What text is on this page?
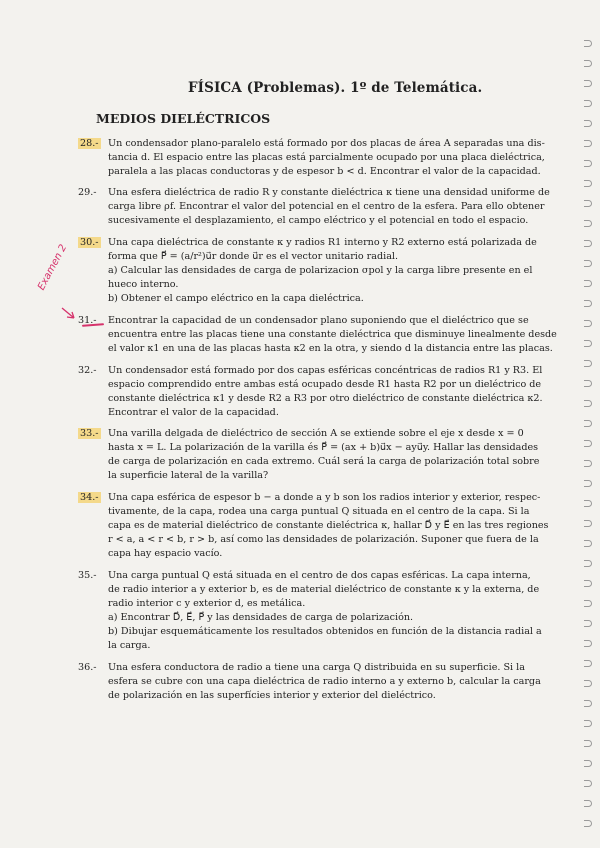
FÍSICA (Problemas). 1º de Telemática.
MEDIOS DIELÉCTRICOS
Examen 2
28.- Un condensador plano-paralelo está formado por dos placas de área A separadas una dis-
tancia d. El espacio entre las placas está parcialmente ocupado por una placa dieléctrica,
paralela a las placas conductoras y de espesor b < d. Encontrar el valor de la capacidad.
29.-	Una esfera dieléctrica de radio R y constante dieléctrica κ tiene una densidad uniforme de
carga libre ρf. Encontrar el valor del potencial en el centro de la esfera. Para ello obtener
sucesivamente el desplazamiento, el campo eléctrico y el potencial en todo el espacio.
30.- Una capa dieléctrica de constante κ y radios R1 interno y R2 externo está polarizada de
forma que P⃗ = (a/r²)u⃗r donde u⃗r es el vector unitario radial.
a) Calcular las densidades de carga de polarizacion σpol y la carga libre presente en el
hueco interno.
b) Obtener el campo eléctrico en la capa dieléctrica.
31.-	Encontrar la capacidad de un condensador plano suponiendo que el dieléctrico que se
encuentra entre las placas tiene una constante dieléctrica que disminuye linealmente desde
el valor κ1 en una de las placas hasta κ2 en la otra, y siendo d la distancia entre las placas.
32.-	Un condensador está formado por dos capas esféricas concéntricas de radios R1 y R3. El
espacio comprendido entre ambas está ocupado desde R1 hasta R2 por un dieléctrico de
constante dieléctrica κ1 y desde R2 a R3 por otro dieléctrico de constante dieléctrica κ2.
Encontrar el valor de la capacidad.
33.- Una varilla delgada de dieléctrico de sección A se extiende sobre el eje x desde x = 0
hasta x = L. La polarización de la varilla és P⃗ = (ax + b)u⃗x − ayu⃗y. Hallar las densidades
de carga de polarización en cada extremo. Cuál será la carga de polarización total sobre
la superficie lateral de la varilla?
34.- Una capa esférica de espesor b − a donde a y b son los radios interior y exterior, respec-
tivamente, de la capa, rodea una carga puntual Q situada en el centro de la capa. Si la
capa es de material dieléctrico de constante dieléctrica κ, hallar D⃗ y E⃗ en las tres regiones
r < a, a < r < b, r > b, así como las densidades de polarización. Suponer que fuera de la
capa hay espacio vacío.
35.-	Una carga puntual Q está situada en el centro de dos capas esféricas. La capa interna,
de radio interior a y exterior b, es de material dieléctrico de constante κ y la externa, de
radio interior c y exterior d, es metálica.
a) Encontrar D⃗, E⃗, P⃗ y las densidades de carga de polarización.
b) Dibujar esquemáticamente los resultados obtenidos en función de la distancia radial a
la carga.
36.-	Una esfera conductora de radio a tiene una carga Q distribuida en su superficie. Si la
esfera se cubre con una capa dieléctrica de radio interno a y externo b, calcular la carga
de polarización en las superfícies interior y exterior del dieléctrico.
